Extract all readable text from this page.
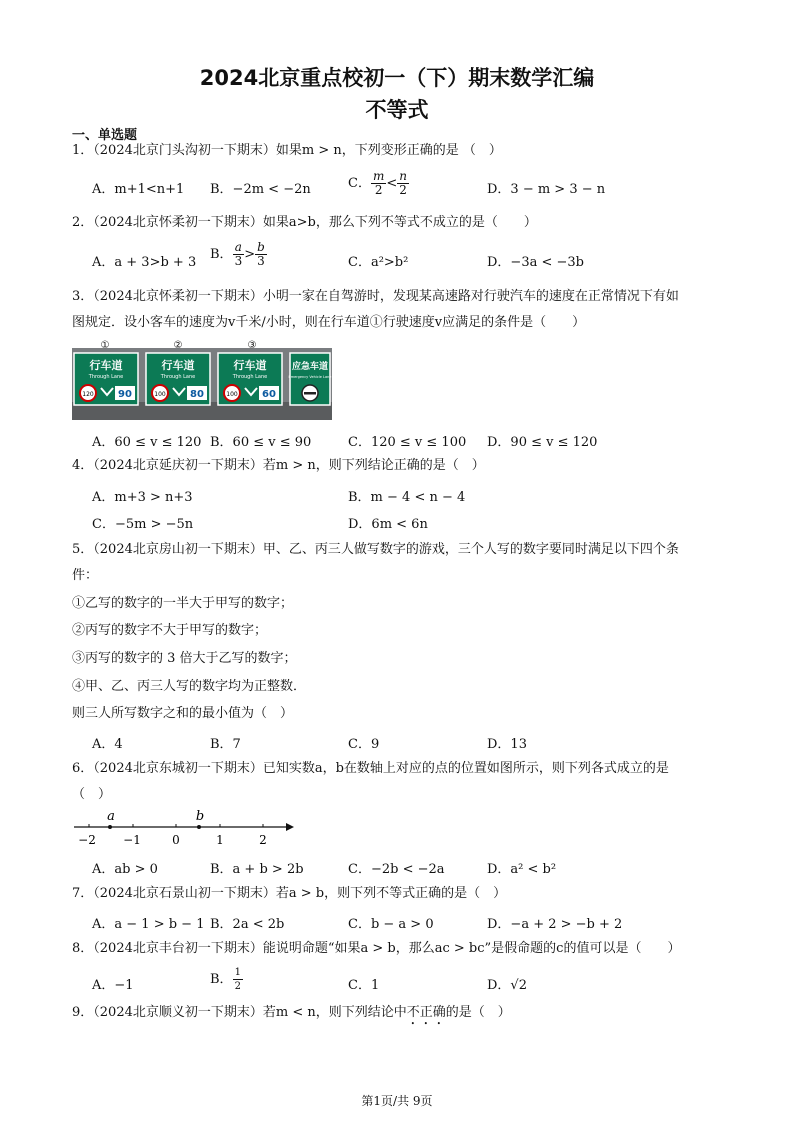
2024北京重点校初一（下）期末数学汇编
不等式
一、单选题
1．（2024北京门头沟初一下期末）如果m > n，下列变形正确的是 （　）
A．m+1<n+1 B．−2m < −2n	C． $\frac{m}{2} < \frac{n}{2}$	D．3 − m > 3 − n
2．（2024北京怀柔初一下期末）如果a>b，那么下列不等式不成立的是（　　）
A．a + 3>b + 3
B． $\frac{a}{3} > \frac{b}{3}$	C．a²>b²	D．−3a < −3b
3．（2024北京怀柔初一下期末）小明一家在自驾游时，发现某高速路对行驶汽车的速度在正常情况下有如
图规定．设小客车的速度为v千米/小时，则在行车道①行驶速度v应满足的条件是（　　）
①
行车道
Through Lane
120 90
②
行车道
Through Lane
100 80
③
行车道
Through Lane
100 60
应急车道
Emergency Vehicle Lane
A．60 ≤ v ≤ 120 B．60 ≤ v ≤ 90	C．120 ≤ v ≤ 100 D．90 ≤ v ≤ 120
4．（2024北京延庆初一下期末）若m > n，则下列结论正确的是（　）
A．m+3 > n+3	B．m − 4 < n − 4
C．−5m > −5n	D．6m < 6n
5．（2024北京房山初一下期末）甲、乙、丙三人做写数字的游戏，三个人写的数字要同时满足以下四个条
件：
①乙写的数字的一半大于甲写的数字；
②丙写的数字不大于甲写的数字；
③丙写的数字的 3 倍大于乙写的数字；
④甲、乙、丙三人写的数字均为正整数．
则三人所写数字之和的最小值为（　）
A．4	B．7	C．9	D．13
6．（2024北京东城初一下期末）已知实数a，b在数轴上对应的点的位置如图所示，则下列各式成立的是
（　）
a	b
−2 −1	0	1	2
A．ab > 0	B．a + b > 2b	C．−2b < −2a	D．a² < b²
7．（2024北京石景山初一下期末）若a > b，则下列不等式正确的是（　）
A．a − 1 > b − 1 B．2a < 2b	C．b − a > 0	D．−a + 2 > −b + 2
8．（2024北京丰台初一下期末）能说明命题“如果a > b，那么ac > bc”是假命题的c的值可以是（　　）
A．−1	B． $\frac{1}{2}$	C．1	D．√2
9．（2024北京顺义初一下期末）若m < n，则下列结论中不正确的是（　）
第1页/共 9页
